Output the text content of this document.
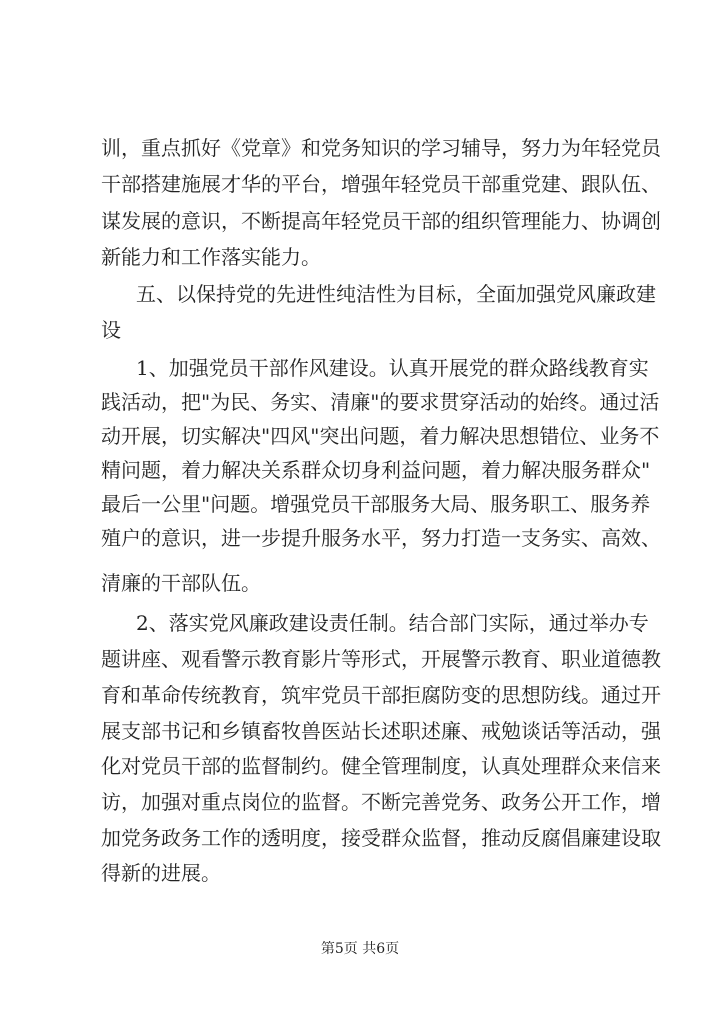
训，重点抓好《党章》和党务知识的学习辅导，努力为年轻党员
干部搭建施展才华的平台，增强年轻党员干部重党建、跟队伍、
谋发展的意识，不断提高年轻党员干部的组织管理能力、协调创
新能力和工作落实能力。
五、以保持党的先进性纯洁性为目标，全面加强党风廉政建
设
1、加强党员干部作风建设。认真开展党的群众路线教育实
践活动，把"为民、务实、清廉"的要求贯穿活动的始终。通过活
动开展，切实解决"四风"突出问题，着力解决思想错位、业务不
精问题，着力解决关系群众切身利益问题，着力解决服务群众"
最后一公里"问题。增强党员干部服务大局、服务职工、服务养
殖户的意识，进一步提升服务水平，努力打造一支务实、高效、
清廉的干部队伍。
2、落实党风廉政建设责任制。结合部门实际，通过举办专
题讲座、观看警示教育影片等形式，开展警示教育、职业道德教
育和革命传统教育，筑牢党员干部拒腐防变的思想防线。通过开
展支部书记和乡镇畜牧兽医站长述职述廉、戒勉谈话等活动，强
化对党员干部的监督制约。健全管理制度，认真处理群众来信来
访，加强对重点岗位的监督。不断完善党务、政务公开工作，增
加党务政务工作的透明度，接受群众监督，推动反腐倡廉建设取
得新的进展。
第5页 共6页
